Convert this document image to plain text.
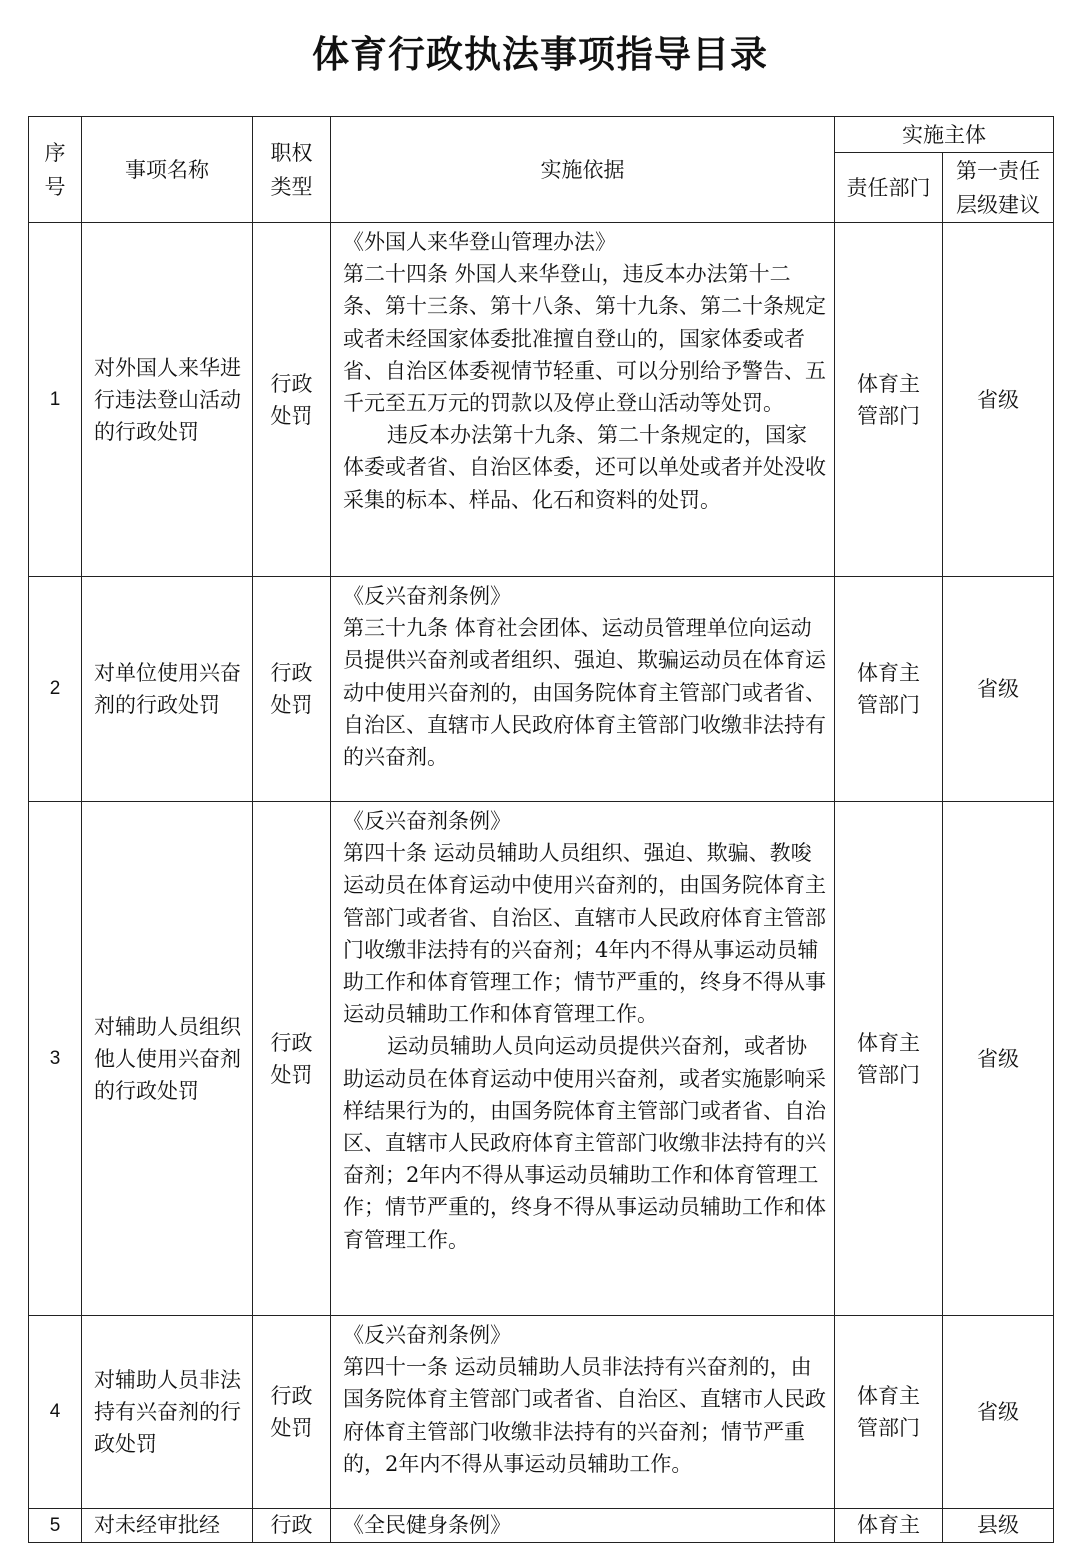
体育行政执法事项指导目录
序号	事项名称	职权类型	实施依据	实施主体	
				责任部门	第一责任层级建议
1	对外国人来华进行违法登山活动的行政处罚	行政处罚	《外国人来华登山管理办法》
第二十四条 外国人来华登山，违反本办法第十二条、第十三条、第十八条、第十九条、第二十条规定或者未经国家体委批准擅自登山的，国家体委或者省、自治区体委视情节轻重、可以分别给予警告、五千元至五万元的罚款以及停止登山活动等处罚。
违反本办法第十九条、第二十条规定的，国家体委或者省、自治区体委，还可以单处或者并处没收采集的标本、样品、化石和资料的处罚。	体育主管部门	省级
2	对单位使用兴奋剂的行政处罚	行政处罚	《反兴奋剂条例》
第三十九条 体育社会团体、运动员管理单位向运动员提供兴奋剂或者组织、强迫、欺骗运动员在体育运动中使用兴奋剂的，由国务院体育主管部门或者省、自治区、直辖市人民政府体育主管部门收缴非法持有的兴奋剂。	体育主管部门	省级
3	对辅助人员组织他人使用兴奋剂的行政处罚	行政处罚	《反兴奋剂条例》
第四十条 运动员辅助人员组织、强迫、欺骗、教唆运动员在体育运动中使用兴奋剂的，由国务院体育主管部门或者省、自治区、直辖市人民政府体育主管部门收缴非法持有的兴奋剂；4年内不得从事运动员辅助工作和体育管理工作；情节严重的，终身不得从事运动员辅助工作和体育管理工作。
运动员辅助人员向运动员提供兴奋剂，或者协助运动员在体育运动中使用兴奋剂，或者实施影响采样结果行为的，由国务院体育主管部门或者省、自治区、直辖市人民政府体育主管部门收缴非法持有的兴奋剂；2年内不得从事运动员辅助工作和体育管理工作；情节严重的，终身不得从事运动员辅助工作和体育管理工作。	体育主管部门	省级
4	对辅助人员非法持有兴奋剂的行政处罚	行政处罚	《反兴奋剂条例》
第四十一条 运动员辅助人员非法持有兴奋剂的，由国务院体育主管部门或者省、自治区、直辖市人民政府体育主管部门收缴非法持有的兴奋剂；情节严重的，2年内不得从事运动员辅助工作。	体育主管部门	省级
5	对未经审批经	行政	《全民健身条例》	体育主	县级
